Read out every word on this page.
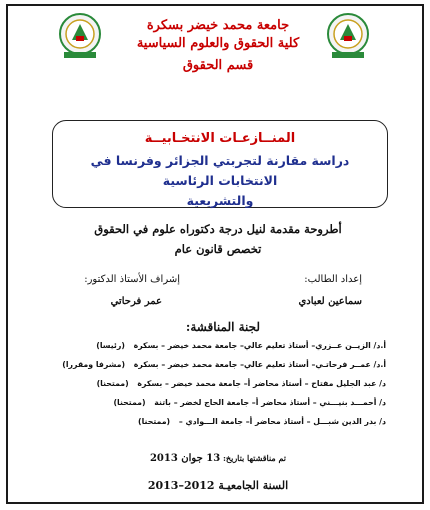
جامعة محمد خيضر بسكرة
كلية الحقوق والعلوم السياسية
قسم الحقوق
المنــازعـات الانتخـابيــة
دراسة مقارنة لتجربتي الجزائر وفرنسا في الانتخابات الرئاسية
والتشريعية
أطروحة مقدمة لنيل درجة دكتوراه علوم في الحقوق
تخصص قانون عام
إعداد الطالب:
إشراف الأستاذ الدكتور:
سماعين لعبادي
عمر فرحاتي
لجنة المناقشة:
أ.د/ الزيــن عــزري– أستاذ تعليم عالي– جامعة محمد خيضر – بسكرة (رئيسا)
أ.د/ عمــر فرحاتـي– أستاذ تعليم عالي– جامعة محمد خيضر – بسكرة (مشرفا ومقررا)
د/ عبد الجليل مفتاح – أستاذ محاضر أ– جامعة محمد خيضر – بسكرة (ممتحنا)
د/ أحمـــد بنيـــني – أستاذ محاضر أ– جامعة الحاج لخضر – باتنة (ممتحنا)
د/ بدر الدين شبـــل – أستاذ محاضر أ– جامعة الـــوادي – (ممتحنا)
تم مناقشتها بتاريخ: 13 جوان 2013
السنة الجامعيـة 2012–2013
